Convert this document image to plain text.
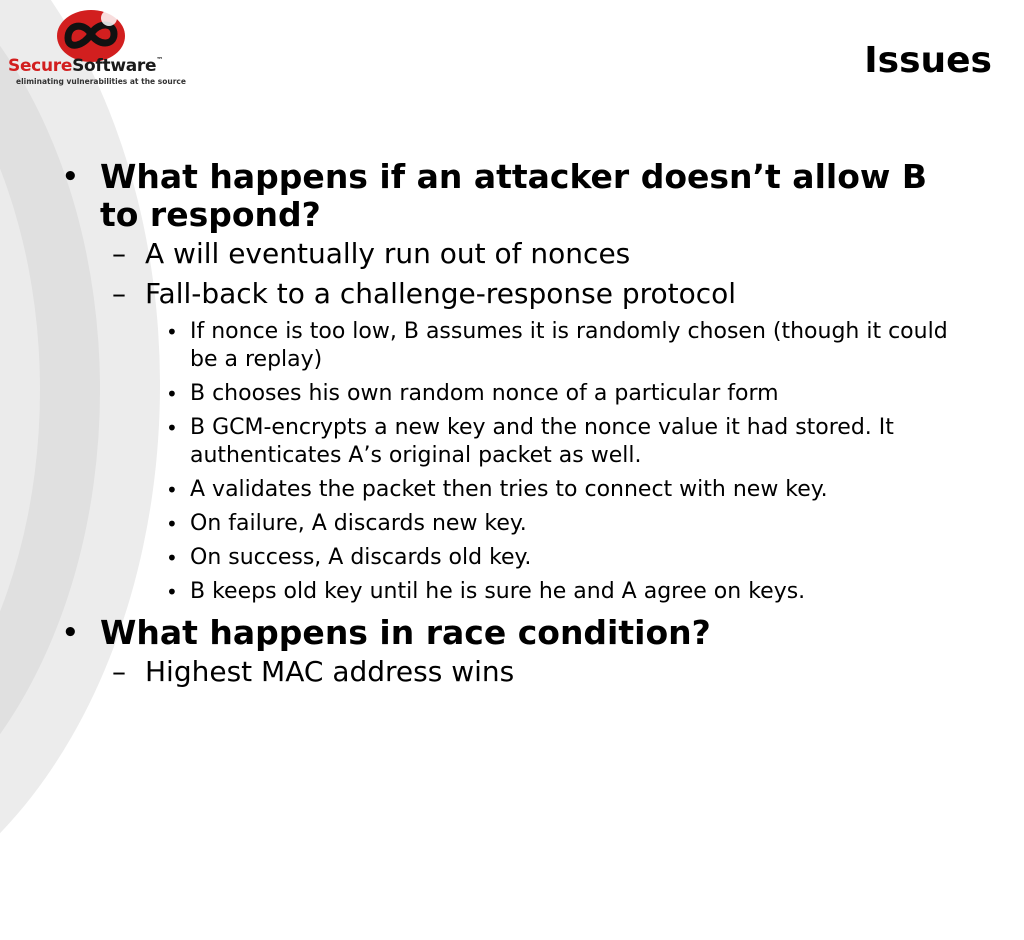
SecureSoftware™
eliminating vulnerabilities at the source
Issues
• What happens if an attacker doesn’t allow B to respond?
– A will eventually run out of nonces
– Fall-back to a challenge-response protocol
• If nonce is too low, B assumes it is randomly chosen (though it could be a replay)
• B chooses his own random nonce of a particular form
• B GCM-encrypts a new key and the nonce value it had stored. It authenticates A’s original packet as well.
• A validates the packet then tries to connect with new key.
• On failure, A discards new key.
• On success, A discards old key.
• B keeps old key until he is sure he and A agree on keys.
• What happens in race condition?
– Highest MAC address wins
